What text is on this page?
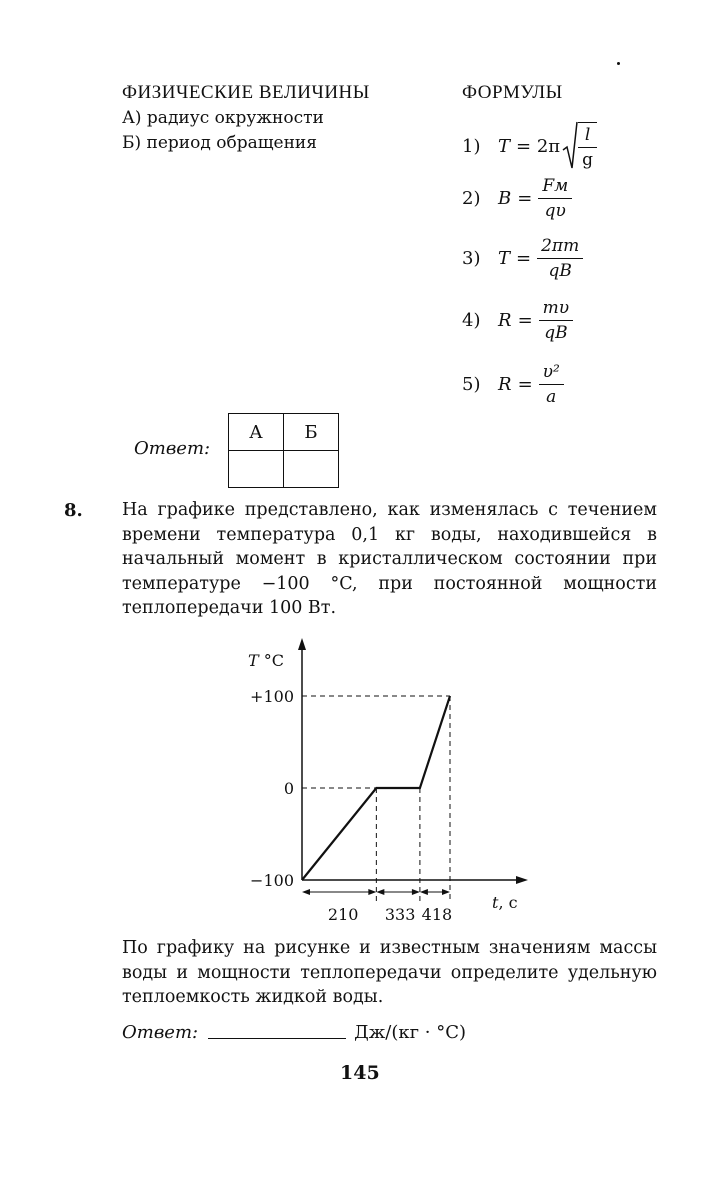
ФИЗИЧЕСКИЕ ВЕЛИЧИНЫ	ФОРМУЛЫ
А) радиус окружности
Б) период обращения	1) $T = 2\pi \frac{l}{g}$
2) $B = \frac{Fм}{q\upsilon}$
3) $T = \frac{2\pi m}{qB}$
4) $R = \frac{m\upsilon}{qB}$
5) $R = \frac{\text{υ²}}{a}$
Ответ:
А	Б

8. На графике представлено, как изменялась с течением времени температура 0,1 кг воды, находившейся в начальный момент в кристаллическом состоянии при температуре −100 °C, при постоянной мощности теплопередачи 100 Вт.
+100
0
−100
210 333 418
T °C
t, c
По графику на рисунке и известным значениям массы воды и мощности теплопередачи определите удельную теплоемкость жидкой воды.
Ответ:	Дж/(кг · °C)
145
